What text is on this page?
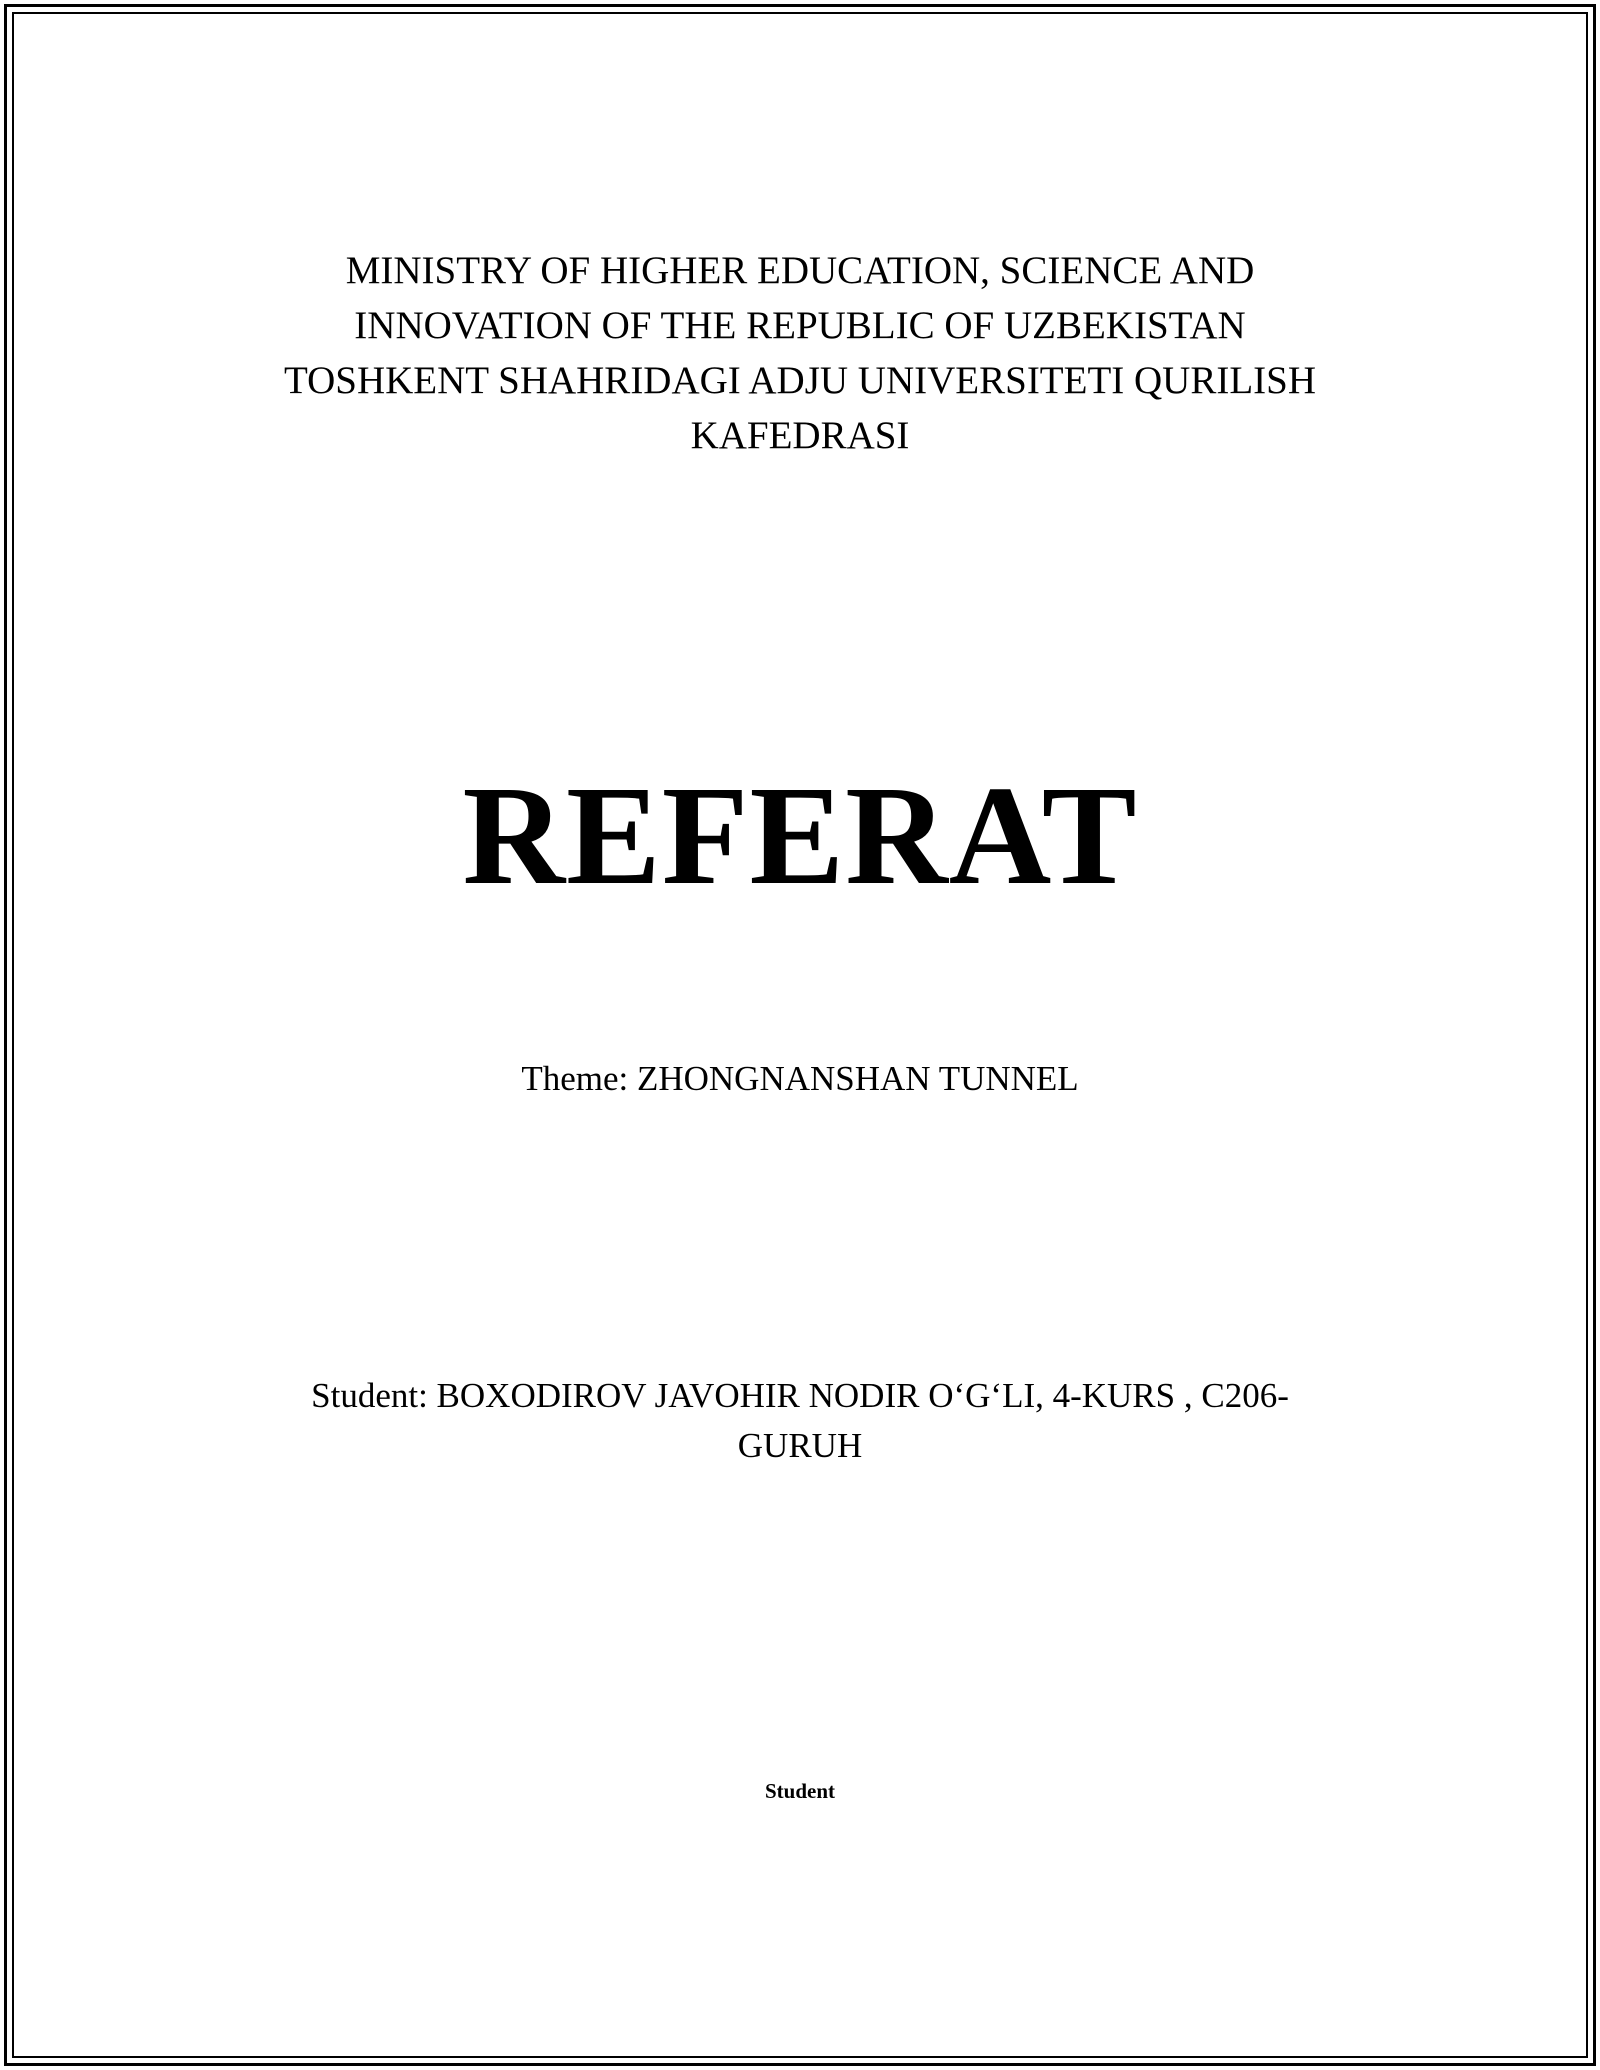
MINISTRY OF HIGHER EDUCATION, SCIENCE AND

INNOVATION OF THE REPUBLIC OF UZBEKISTAN

TOSHKENT SHAHRIDAGI ADJU UNIVERSITETI QURILISH

KAFEDRASI

REFERAT
Theme: ZHONGNANSHAN TUNNEL

Student: BOXODIROV JAVOHIR NODIR O‘G‘LI, 4-KURS , C206-

GURUH

Student
